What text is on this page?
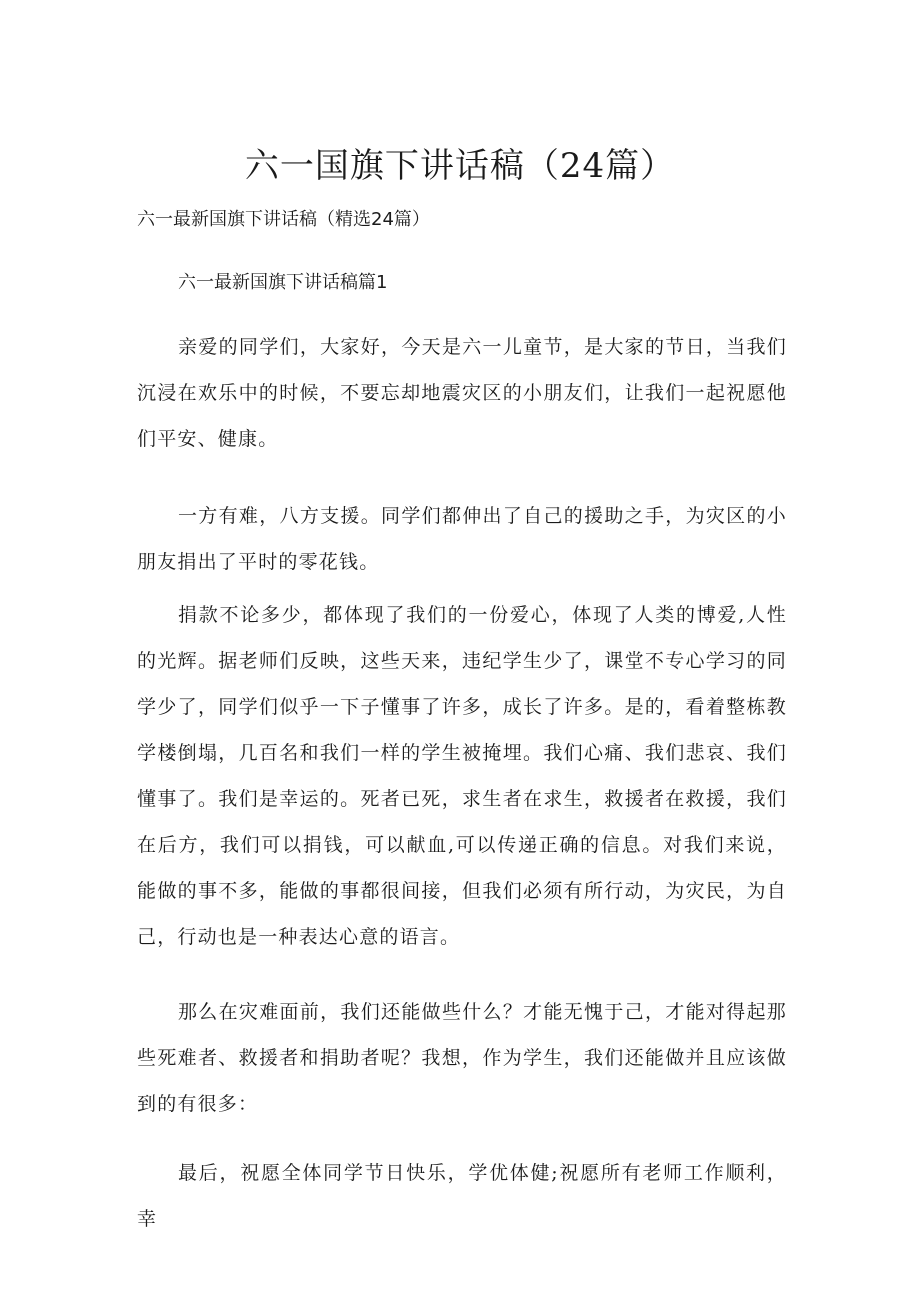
六一国旗下讲话稿（24篇）

六一最新国旗下讲话稿（精选24篇）

六一最新国旗下讲话稿篇1

亲爱的同学们，大家好，今天是六一儿童节，是大家的节日，当我们沉浸在欢乐中的时候，不要忘却地震灾区的小朋友们，让我们一起祝愿他们平安、健康。

一方有难，八方支援。同学们都伸出了自己的援助之手，为灾区的小朋友捐出了平时的零花钱。

捐款不论多少，都体现了我们的一份爱心，体现了人类的博爱,人性的光辉。据老师们反映，这些天来，违纪学生少了，课堂不专心学习的同学少了，同学们似乎一下子懂事了许多，成长了许多。是的，看着整栋教学楼倒塌，几百名和我们一样的学生被掩埋。我们心痛、我们悲哀、我们懂事了。我们是幸运的。死者已死，求生者在求生，救援者在救援，我们在后方，我们可以捐钱，可以献血,可以传递正确的信息。对我们来说，能做的事不多，能做的事都很间接，但我们必须有所行动，为灾民，为自己，行动也是一种表达心意的语言。

那么在灾难面前，我们还能做些什么？才能无愧于己，才能对得起那些死难者、救援者和捐助者呢？我想，作为学生，我们还能做并且应该做到的有很多：

最后，祝愿全体同学节日快乐，学优体健;祝愿所有老师工作顺利，幸
